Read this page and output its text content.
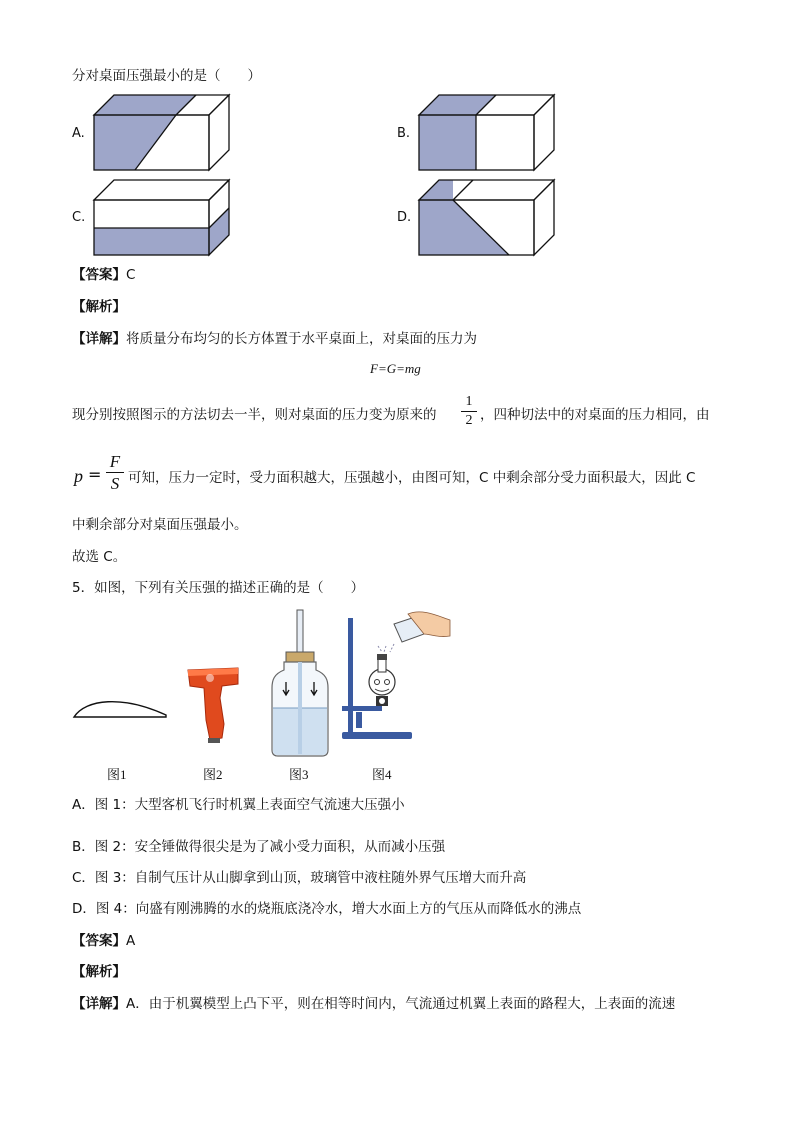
分对桌面压强最小的是（　　）
A.	B.
C.	D.
【答案】C
【解析】
【详解】将质量分布均匀的长方体置于水平桌面上，对桌面的压力为
F=G=mg
现分别按照图示的方法切去一半，则对桌面的压力变为原来的
1
2 ，四种切法中的对桌面的压力相同，由
p =
F
S 可知，压力一定时，受力面积越大，压强越小，由图可知，C 中剩余部分受力面积最大，因此 C
中剩余部分对桌面压强最小。
故选 C。
5．如图，下列有关压强的描述正确的是（　　）
图1	图2	图3	图4
A．图 1：大型客机飞行时机翼上表面空气流速大压强小
B．图 2：安全锤做得很尖是为了减小受力面积，从而减小压强
C．图 3：自制气压计从山脚拿到山顶，玻璃管中液柱随外界气压增大而升高
D．图 4：向盛有刚沸腾的水的烧瓶底浇冷水，增大水面上方的气压从而降低水的沸点
【答案】A
【解析】
【详解】A．由于机翼模型上凸下平，则在相等时间内，气流通过机翼上表面的路程大，上表面的流速
